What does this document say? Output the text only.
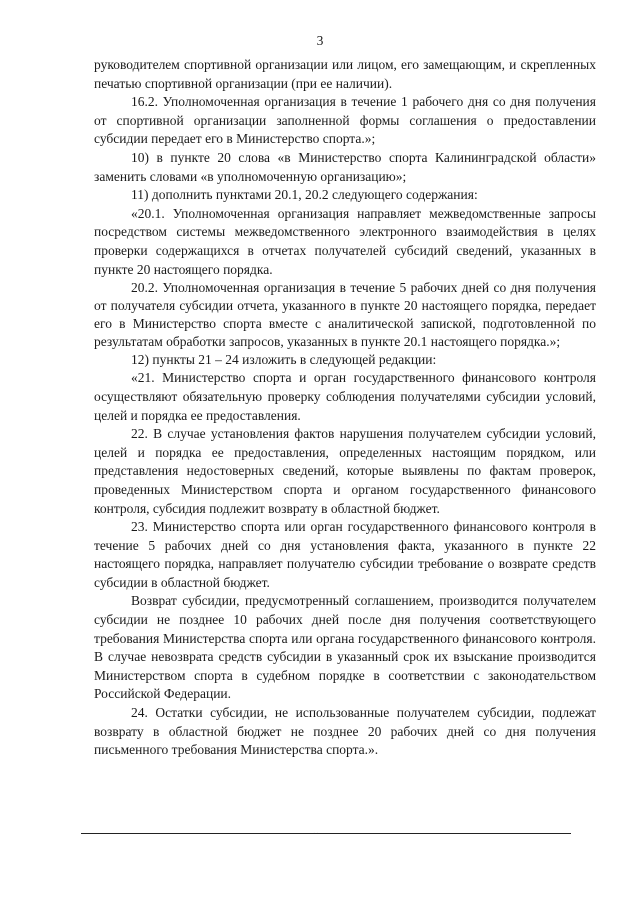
3

руководителем спортивной организации или лицом, его замещающим, и скрепленных печатью спортивной организации (при ее наличии).

16.2. Уполномоченная организация в течение 1 рабочего дня со дня получения от спортивной организации заполненной формы соглашения о предоставлении субсидии передает его в Министерство спорта.»;

10) в пункте 20 слова «в Министерство спорта Калининградской области» заменить словами «в уполномоченную организацию»;

11) дополнить пунктами 20.1, 20.2 следующего содержания:

«20.1. Уполномоченная организация направляет межведомственные запросы посредством системы межведомственного электронного взаимодействия в целях проверки содержащихся в отчетах получателей субсидий сведений, указанных в пункте 20 настоящего порядка.

20.2. Уполномоченная организация в течение 5 рабочих дней со дня получения от получателя субсидии отчета, указанного в пункте 20 настоящего порядка, передает его в Министерство спорта вместе с аналитической запиской, подготовленной по результатам обработки запросов, указанных в пункте 20.1 настоящего порядка.»;

12) пункты 21 – 24 изложить в следующей редакции:

«21. Министерство спорта и орган государственного финансового контроля осуществляют обязательную проверку соблюдения получателями субсидии условий, целей и порядка ее предоставления.

22. В случае установления фактов нарушения получателем субсидии условий, целей и порядка ее предоставления, определенных настоящим порядком, или представления недостоверных сведений, которые выявлены по фактам проверок, проведенных Министерством спорта и органом государственного финансового контроля, субсидия подлежит возврату в областной бюджет.

23. Министерство спорта или орган государственного финансового контроля в течение 5 рабочих дней со дня установления факта, указанного в пункте 22 настоящего порядка, направляет получателю субсидии требование о возврате средств субсидии в областной бюджет.

Возврат субсидии, предусмотренный соглашением, производится получателем субсидии не позднее 10 рабочих дней после дня получения соответствующего требования Министерства спорта или органа государственного финансового контроля. В случае невозврата средств субсидии в указанный срок их взыскание производится Министерством спорта в судебном порядке в соответствии с законодательством Российской Федерации.

24. Остатки субсидии, не использованные получателем субсидии, подлежат возврату в областной бюджет не позднее 20 рабочих дней со дня получения письменного требования Министерства спорта.».

..
